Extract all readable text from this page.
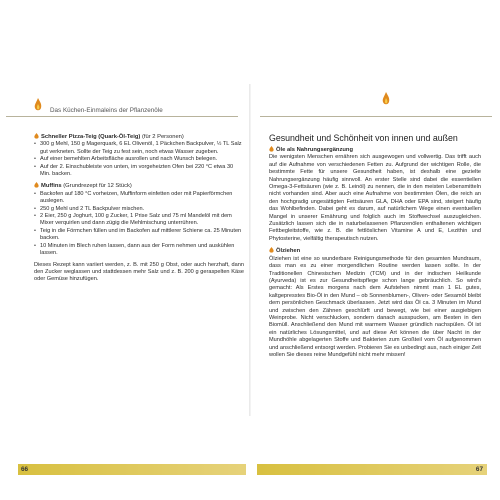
Das Küchen-Einmaleins der Pflanzenöle
Schneller Pizza-Teig (Quark-Öl-Teig) (für 2 Personen)
• 300 g Mehl, 150 g Magerquark, 6 EL Olivenöl, 1 Päckchen Backpulver, ½ TL Salz gut verkneten. Sollte der Teig zu fest sein, noch etwas Wasser zugeben.
• Auf einer bemehlten Arbeitsfläche ausrollen und nach Wunsch belegen.
• Auf der 2. Einschubleiste von unten, im vorgeheizten Ofen bei 220 °C etwa 30 Min. backen.
Muffins (Grundrezept für 12 Stück)
• Backofen auf 180 °C vorheizen, Muffinform einfetten oder mit Papierförmchen auslegen.
• 250 g Mehl und 2 TL Backpulver mischen.
• 2 Eier, 250 g Joghurt, 100 g Zucker, 1 Prise Salz und 75 ml Mandelöl mit dem Mixer verquirlen und dann zügig die Mehlmischung unterrühren.
• Teig in die Förmchen füllen und im Backofen auf mittlerer Schiene ca. 25 Minuten backen.
• 10 Minuten im Blech ruhen lassen, dann aus der Form nehmen und auskühlen lassen.

Dieses Rezept kann variiert werden, z. B. mit 250 g Obst, oder auch herzhaft, dann den Zucker weglassen und stattdessen mehr Salz und z. B. 200 g geraspelten Käse oder Gemüse hinzufügen.

66
Gesundheit und Schönheit von innen und außen
Öle als Nahrungsergänzung

Die wenigsten Menschen ernähren sich ausgewogen und vollwertig. Das trifft auch auf die Aufnahme von verschiedenen Fetten zu. Aufgrund der wichtigen Rolle, die bestimmte Fette für unsere Gesundheit haben, ist deshalb eine gezielte Nahrungsergänzung häufig sinnvoll. An erster Stelle sind dabei die essentiellen Omega-3-Fettsäuren (wie z. B. Leinöl) zu nennen, die in den meisten Lebensmitteln nicht vorhanden sind. Aber auch eine Aufnahme von bestimmten Ölen, die reich an den hochgradig ungesättigten Fettsäuren GLA, DHA oder EPA sind, steigert häufig das Wohlbefinden. Dabei geht es darum, auf natürlichem Wege einen eventuellen Mangel in unserer Ernährung und folglich auch im Stoffwechsel auszugleichen. Zusätzlich lassen sich die in naturbelassenen Pflanzenölen enthaltenen wichtigen Fettbegleitstoffe, wie z. B. die fettlöslichen Vitamine A und E, Lezithin und Phytosterine, vielfältig therapeutisch nutzen.

Ölziehen

Ölziehen ist eine so wunderbare Reinigungsmethode für den gesamten Mundraum, dass man es zu einer morgendlichen Routine werden lassen sollte. In der Traditionellen Chinesischen Medizin (TCM) und in der indischen Heilkunde (Ayurveda) ist es zur Gesundheitspflege schon lange gebräuchlich. So wird's gemacht: Als Erstes morgens nach dem Aufstehen nimmt man 1 EL gutes, kaltgepresstes Bio-Öl in den Mund – ob Sonnenblumen-, Oliven- oder Sesamöl bleibt dem persönlichen Geschmack überlassen. Jetzt wird das Öl ca. 3 Minuten im Mund und zwischen den Zähnen geschlürft und bewegt, wie bei einer ausgiebigen Weinprobe. Nicht verschlucken, sondern danach ausspucken, am Besten in den Biomüll. Anschließend den Mund mit warmem Wasser gründlich nachspülen. Öl ist ein natürliches Lösungsmittel, und auf diese Art können die über Nacht in der Mundhöhle abgelagerten Stoffe und Bakterien zum Großteil vom Öl aufgenommen und anschließend entsorgt werden. Probieren Sie es unbedingt aus, nach einiger Zeit wollen Sie dieses reine Mundgefühl nicht mehr missen!

67
